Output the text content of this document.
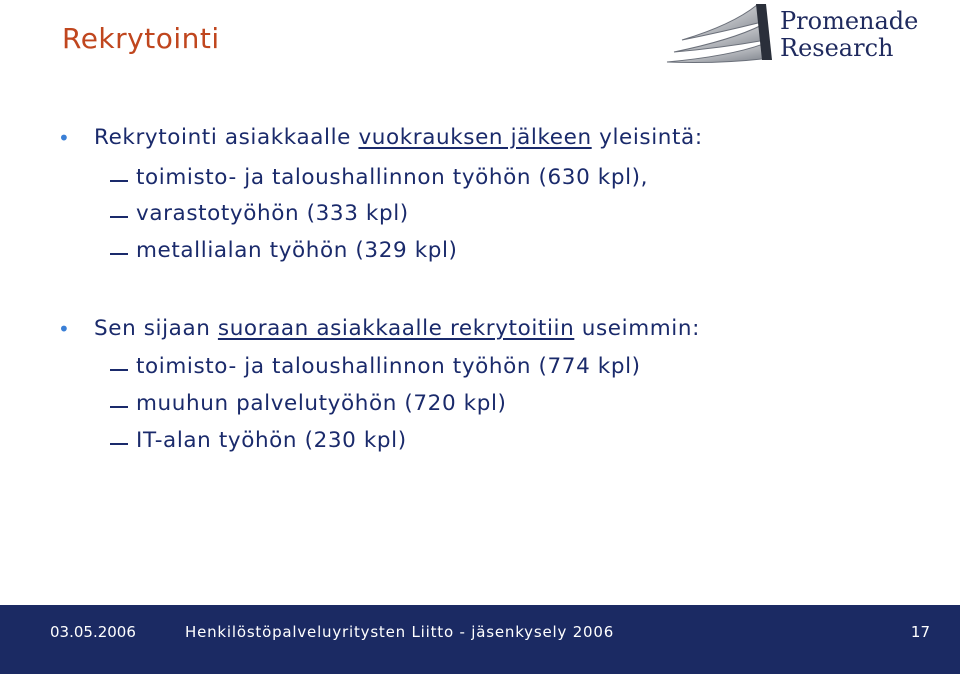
Rekrytointi
Promenade
Research
• Rekrytointi asiakkaalle vuokrauksen jälkeen yleisintä:
toimisto- ja taloushallinnon työhön (630 kpl),
varastotyöhön (333 kpl)
metallialan työhön (329 kpl)
• Sen sijaan suoraan asiakkaalle rekrytoitiin useimmin:
toimisto- ja taloushallinnon työhön (774 kpl)
muuhun palvelutyöhön (720 kpl)
IT-alan työhön (230 kpl)
03.05.2006	Henkilöstöpalveluyritysten Liitto - jäsenkysely 2006	17
